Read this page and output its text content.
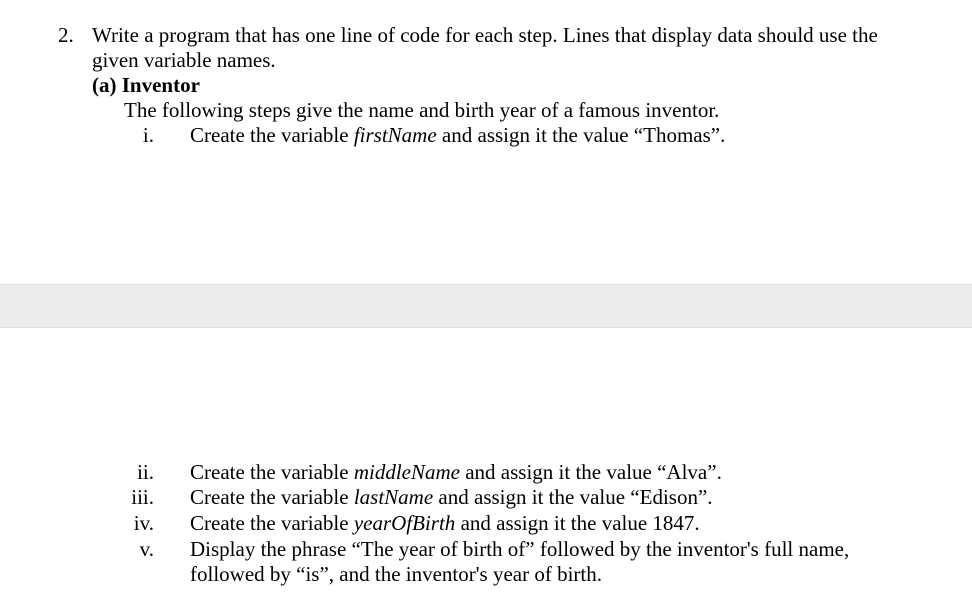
2. Write a program that has one line of code for each step. Lines that display data should use the
given variable names.
(a) Inventor
The following steps give the name and birth year of a famous inventor.
i. Create the variable firstName and assign it the value “Thomas”.
ii. Create the variable middleName and assign it the value “Alva”.
iii. Create the variable lastName and assign it the value “Edison”.
iv. Create the variable yearOfBirth and assign it the value 1847.
v. Display the phrase “The year of birth of” followed by the inventor's full name,
followed by “is”, and the inventor's year of birth.
